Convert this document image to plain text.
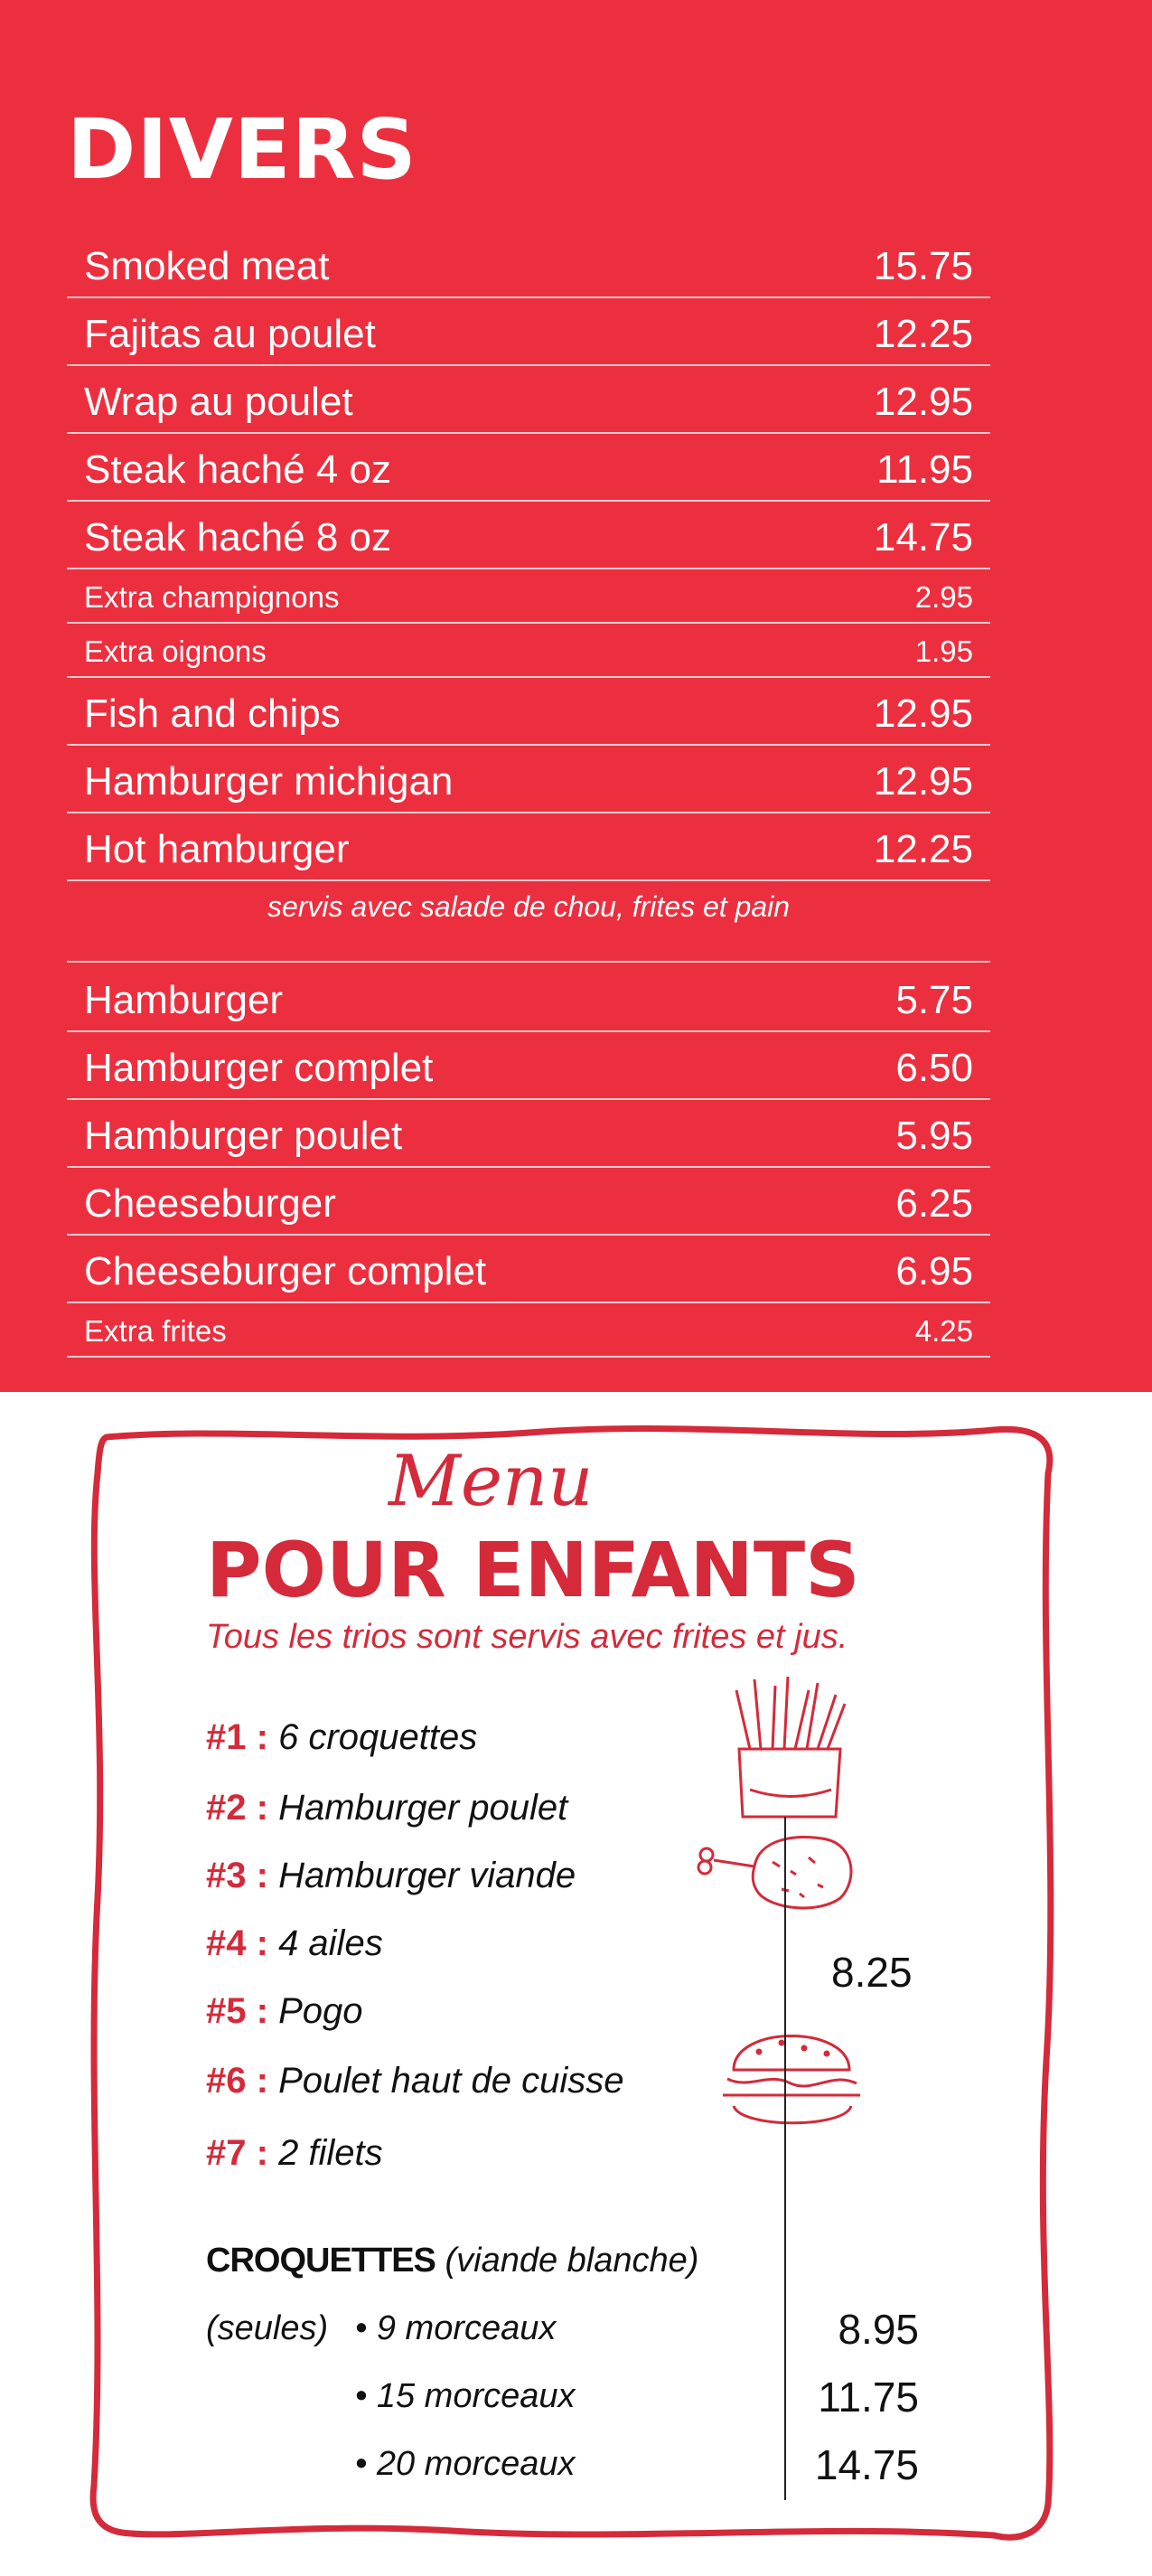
DIVERS
Smoked meat	15.75
Fajitas au poulet	12.25
Wrap au poulet	12.95
Steak haché 4 oz	11.95
Steak haché 8 oz	14.75
Extra champignons	2.95
Extra oignons	1.95
Fish and chips	12.95
Hamburger michigan	12.95
Hot hamburger	12.25
servis avec salade de chou, frites et pain
Hamburger	5.75
Hamburger complet	6.50
Hamburger poulet	5.95
Cheeseburger	6.25
Cheeseburger complet	6.95
Extra frites	4.25
Menu
POUR ENFANTS
Tous les trios sont servis avec frites et jus.
#1 : 6 croquettes
#2 : Hamburger poulet
#3 : Hamburger viande
#4 : 4 ailes
#5 : Pogo
#6 : Poulet haut de cuisse
#7 : 2 filets
8.25
CROQUETTES (viande blanche)
(seules) • 9 morceaux	8.95
• 15 morceaux	11.75
• 20 morceaux	14.75
